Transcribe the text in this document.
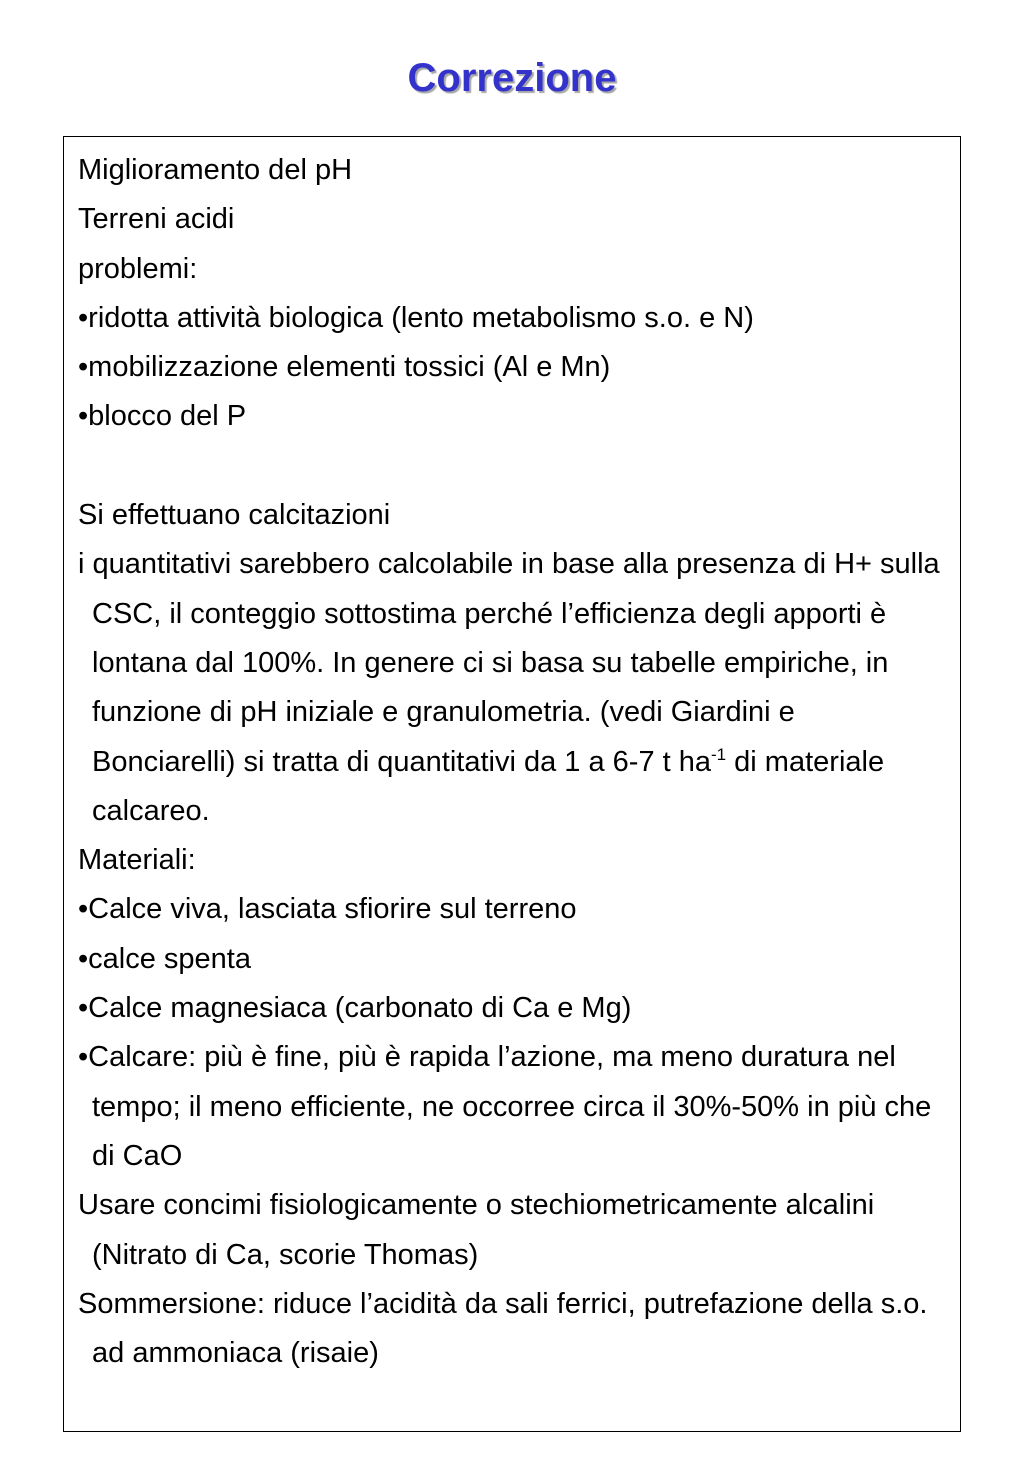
Correzione

Miglioramento del pH

Terreni acidi

problemi:

• ridotta attività biologica (lento metabolismo s.o. e N)

• mobilizzazione elementi tossici (Al e Mn)

• blocco del P

Si effettuano calcitazioni

i quantitativi sarebbero calcolabile in base alla presenza di H+ sulla CSC, il conteggio sottostima perché l’efficienza degli apporti è lontana dal 100%. In genere ci si basa su tabelle empiriche, in funzione di pH iniziale e granulometria. (vedi Giardini e Bonciarelli) si tratta di quantitativi da 1 a 6-7 t $ha^{-1}$ di materiale calcareo.

Materiali:

• Calce viva, lasciata sfiorire sul terreno

• calce spenta

• Calce magnesiaca (carbonato di Ca e Mg)

• Calcare: più è fine, più è rapida l’azione, ma meno duratura nel tempo; il meno efficiente, ne occorree circa il 30%-50% in più che di CaO

Usare concimi fisiologicamente o stechiometricamente alcalini (Nitrato di Ca, scorie Thomas)

Sommersione: riduce l’acidità da sali ferrici, putrefazione della s.o. ad ammoniaca (risaie)
